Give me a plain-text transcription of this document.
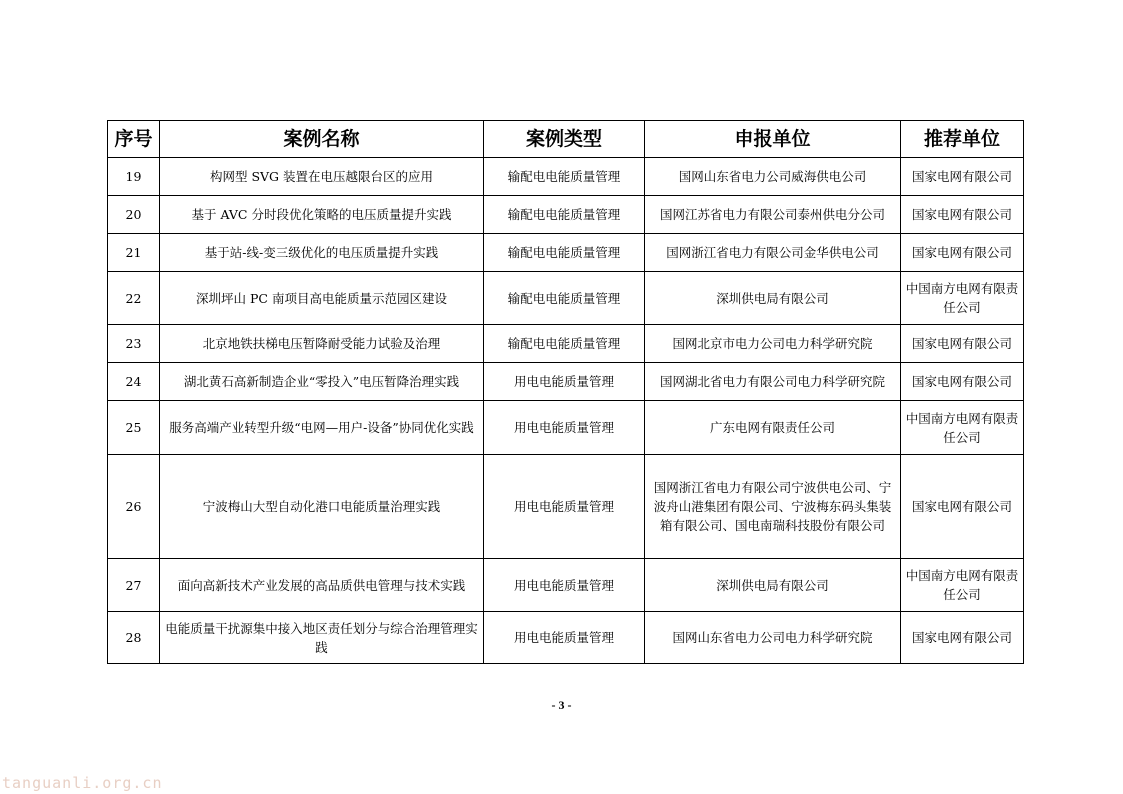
序号	案例名称	案例类型	申报单位	推荐单位
19	构网型 SVG 装置在电压越限台区的应用	输配电电能质量管理	国网山东省电力公司威海供电公司	国家电网有限公司
20	基于 AVC 分时段优化策略的电压质量提升实践	输配电电能质量管理	国网江苏省电力有限公司泰州供电分公司	国家电网有限公司
21	基于站-线-变三级优化的电压质量提升实践	输配电电能质量管理	国网浙江省电力有限公司金华供电公司	国家电网有限公司
22	深圳坪山 PC 南项目高电能质量示范园区建设	输配电电能质量管理	深圳供电局有限公司	中国南方电网有限责任公司
23	北京地铁扶梯电压暂降耐受能力试验及治理	输配电电能质量管理	国网北京市电力公司电力科学研究院	国家电网有限公司
24	湖北黄石高新制造企业“零投入”电压暂降治理实践	用电电能质量管理	国网湖北省电力有限公司电力科学研究院	国家电网有限公司
25	服务高端产业转型升级“电网—用户-设备”协同优化实践	用电电能质量管理	广东电网有限责任公司	中国南方电网有限责任公司
26	宁波梅山大型自动化港口电能质量治理实践	用电电能质量管理	国网浙江省电力有限公司宁波供电公司、宁波舟山港集团有限公司、宁波梅东码头集装箱有限公司、国电南瑞科技股份有限公司	国家电网有限公司
27	面向高新技术产业发展的高品质供电管理与技术实践	用电电能质量管理	深圳供电局有限公司	中国南方电网有限责任公司
28	电能质量干扰源集中接入地区责任划分与综合治理管理实践	用电电能质量管理	国网山东省电力公司电力科学研究院	国家电网有限公司
- 3 -
tanguanli.org.cn
